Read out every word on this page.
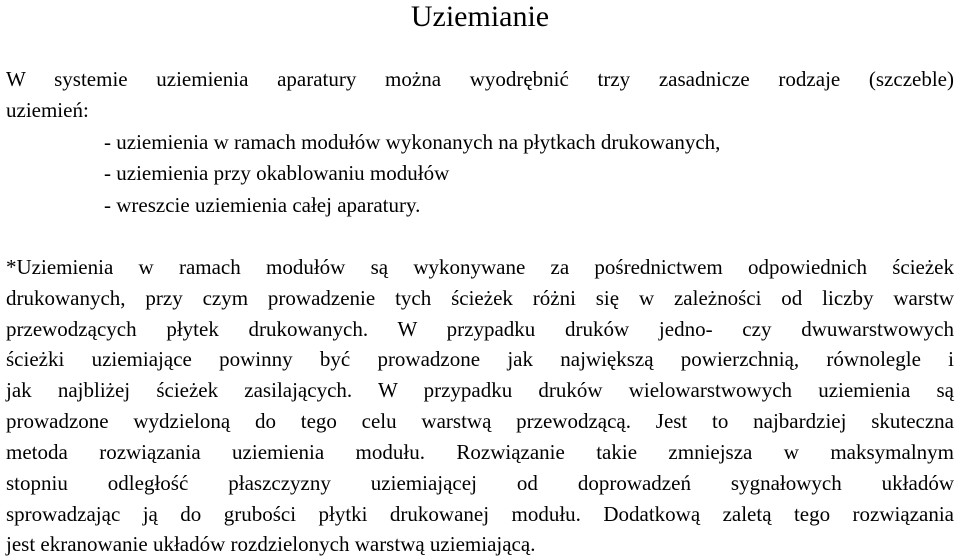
Uziemianie
W systemie uziemienia aparatury można wyodrębnić trzy zasadnicze rodzaje (szczeble)
uziemień:
- uziemienia w ramach modułów wykonanych na płytkach drukowanych,
- uziemienia przy okablowaniu modułów
- wreszcie uziemienia całej aparatury.
*Uziemienia w ramach modułów są wykonywane za pośrednictwem odpowiednich ścieżek
drukowanych, przy czym prowadzenie tych ścieżek różni się w zależności od liczby warstw
przewodzących płytek drukowanych. W przypadku druków jedno- czy dwuwarstwowych
ścieżki uziemiające powinny być prowadzone jak największą powierzchnią, równolegle i
jak najbliżej ścieżek zasilających. W przypadku druków wielowarstwowych uziemienia są
prowadzone wydzieloną do tego celu warstwą przewodzącą. Jest to najbardziej skuteczna
metoda rozwiązania uziemienia modułu. Rozwiązanie takie zmniejsza w maksymalnym
stopniu odległość płaszczyzny uziemiającej od doprowadzeń sygnałowych układów
sprowadzając ją do grubości płytki drukowanej modułu. Dodatkową zaletą tego rozwiązania
jest ekranowanie układów rozdzielonych warstwą uziemiającą.
